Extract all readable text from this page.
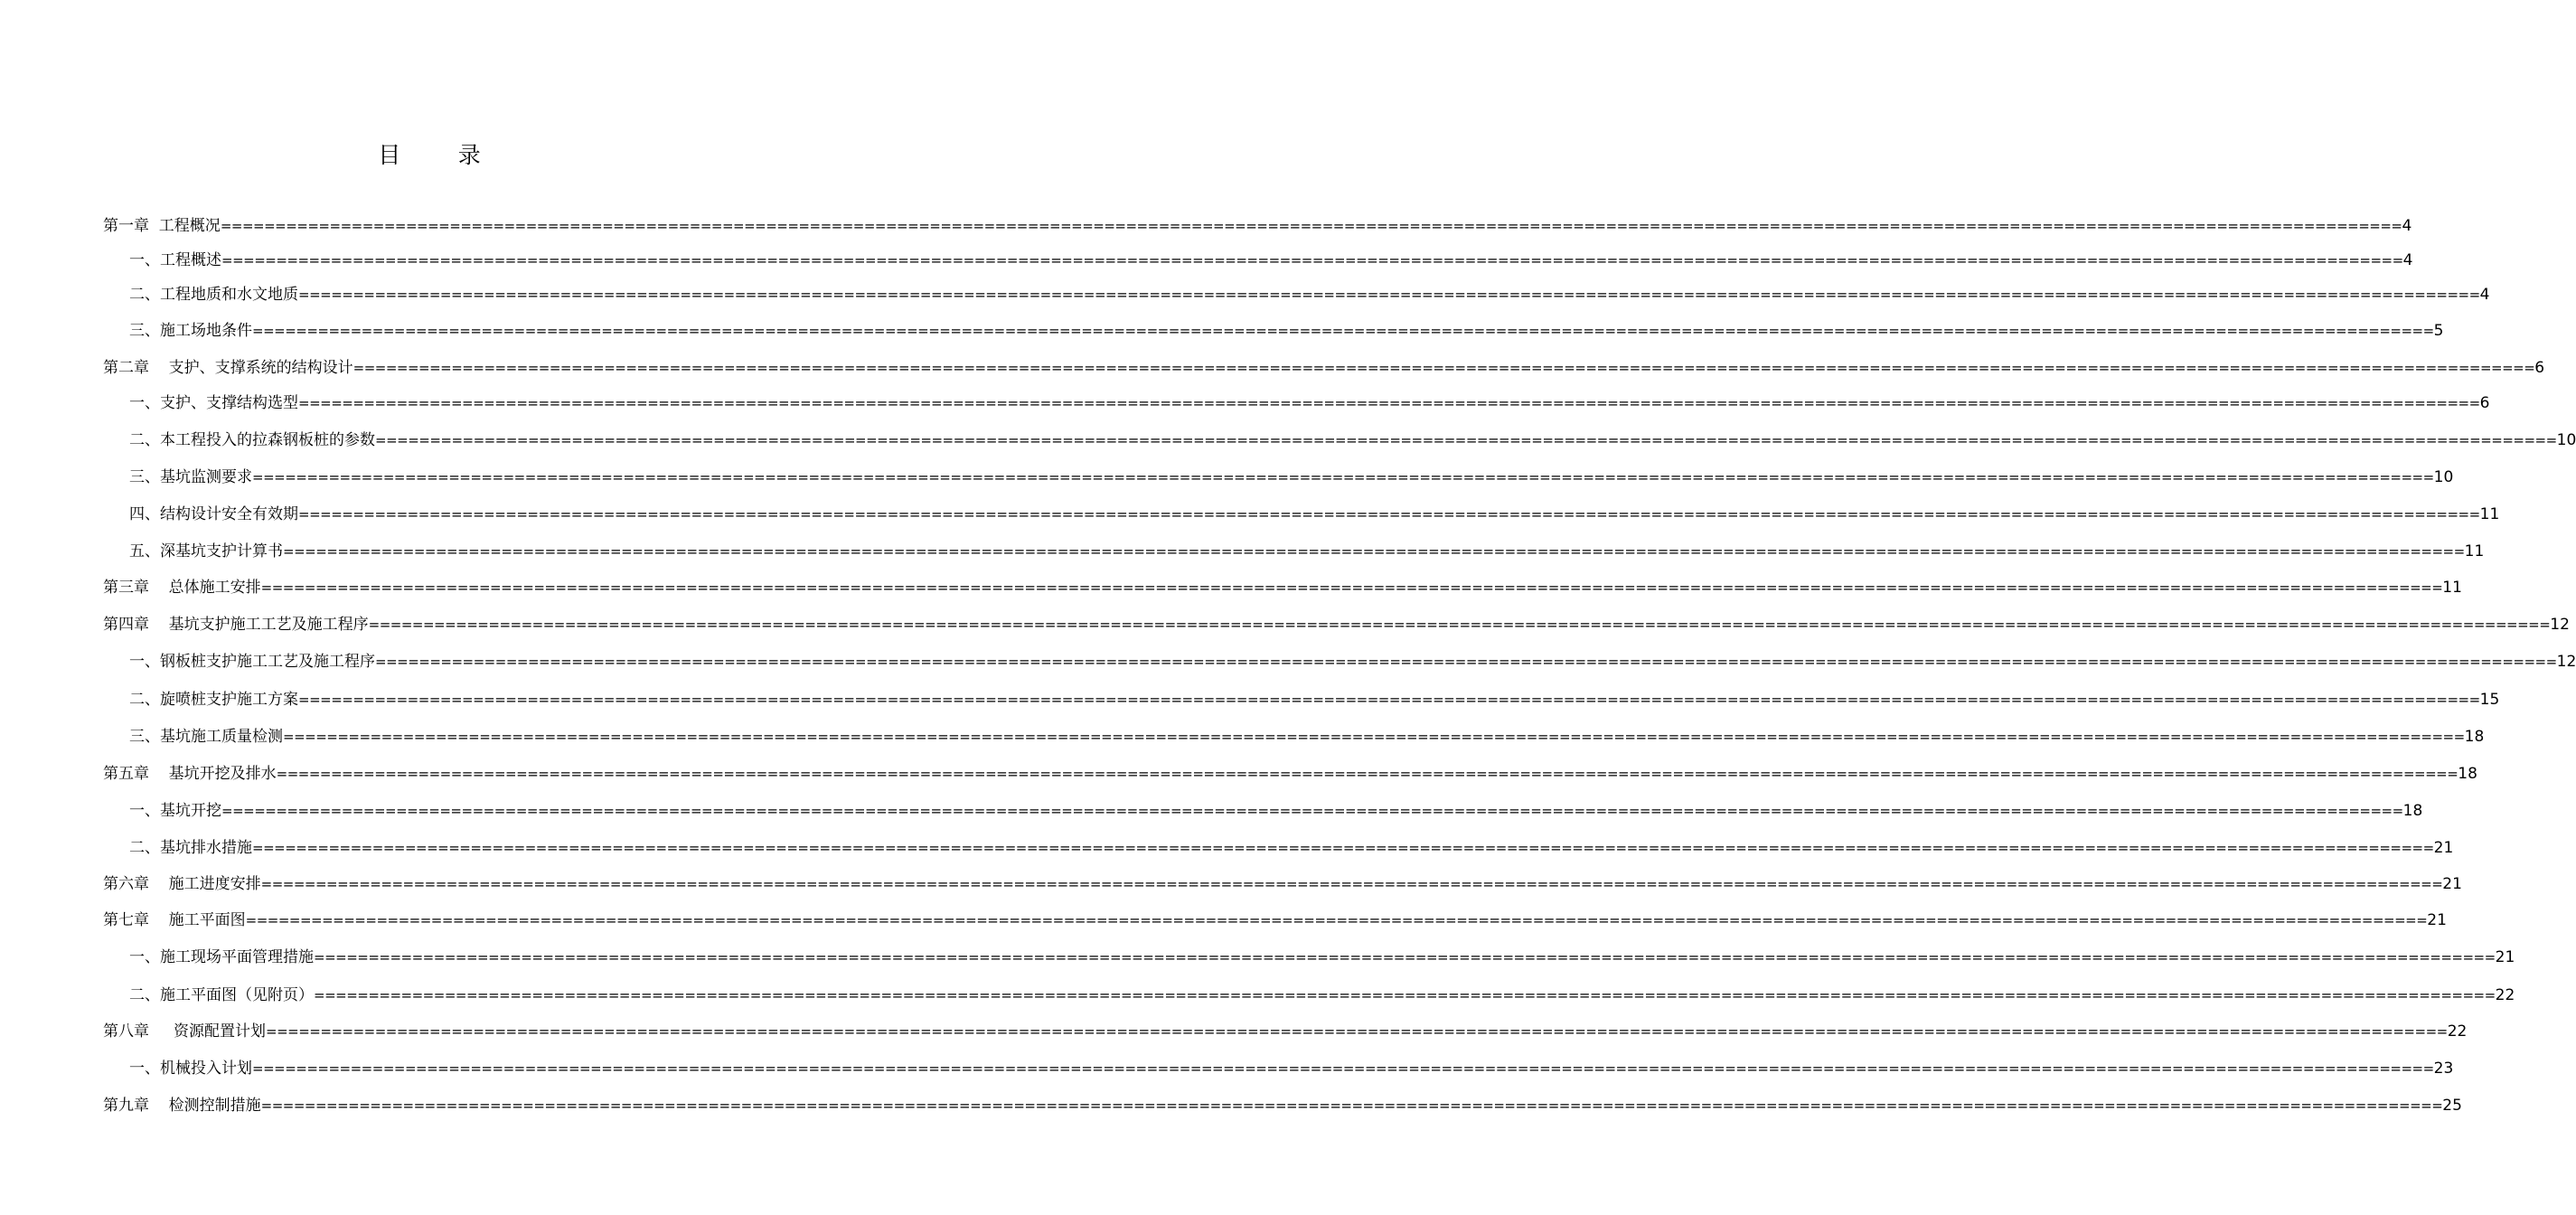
目        录
第一章  工程概况 ======================================================================================================================================================================================================== 4
一、工程概述 ======================================================================================================================================================================================================== 4
二、工程地质和水文地质 ======================================================================================================================================================================================================== 4
三、施工场地条件 ======================================================================================================================================================================================================== 5
第二章    支护、支撑系统的结构设计 ======================================================================================================================================================================================================== 6
一、支护、支撑结构选型 ======================================================================================================================================================================================================== 6
二、本工程投入的拉森钢板桩的参数 ======================================================================================================================================================================================================== 10
三、基坑监测要求 ======================================================================================================================================================================================================== 10
四、结构设计安全有效期 ======================================================================================================================================================================================================== 11
五、深基坑支护计算书 ======================================================================================================================================================================================================== 11
第三章    总体施工安排 ======================================================================================================================================================================================================== 11
第四章    基坑支护施工工艺及施工程序 ======================================================================================================================================================================================================== 12
一、钢板桩支护施工工艺及施工程序 ======================================================================================================================================================================================================== 12
二、旋喷桩支护施工方案 ======================================================================================================================================================================================================== 15
三、基坑施工质量检测 ======================================================================================================================================================================================================== 18
第五章    基坑开挖及排水 ======================================================================================================================================================================================================== 18
一、基坑开挖 ======================================================================================================================================================================================================== 18
二、基坑排水措施 ======================================================================================================================================================================================================== 21
第六章    施工进度安排 ======================================================================================================================================================================================================== 21
第七章    施工平面图 ======================================================================================================================================================================================================== 21
一、施工现场平面管理措施 ======================================================================================================================================================================================================== 21
二、施工平面图（见附页） ======================================================================================================================================================================================================== 22
第八章     资源配置计划 ======================================================================================================================================================================================================== 22
一、机械投入计划 ======================================================================================================================================================================================================== 23
第九章    检测控制措施 ======================================================================================================================================================================================================== 25
